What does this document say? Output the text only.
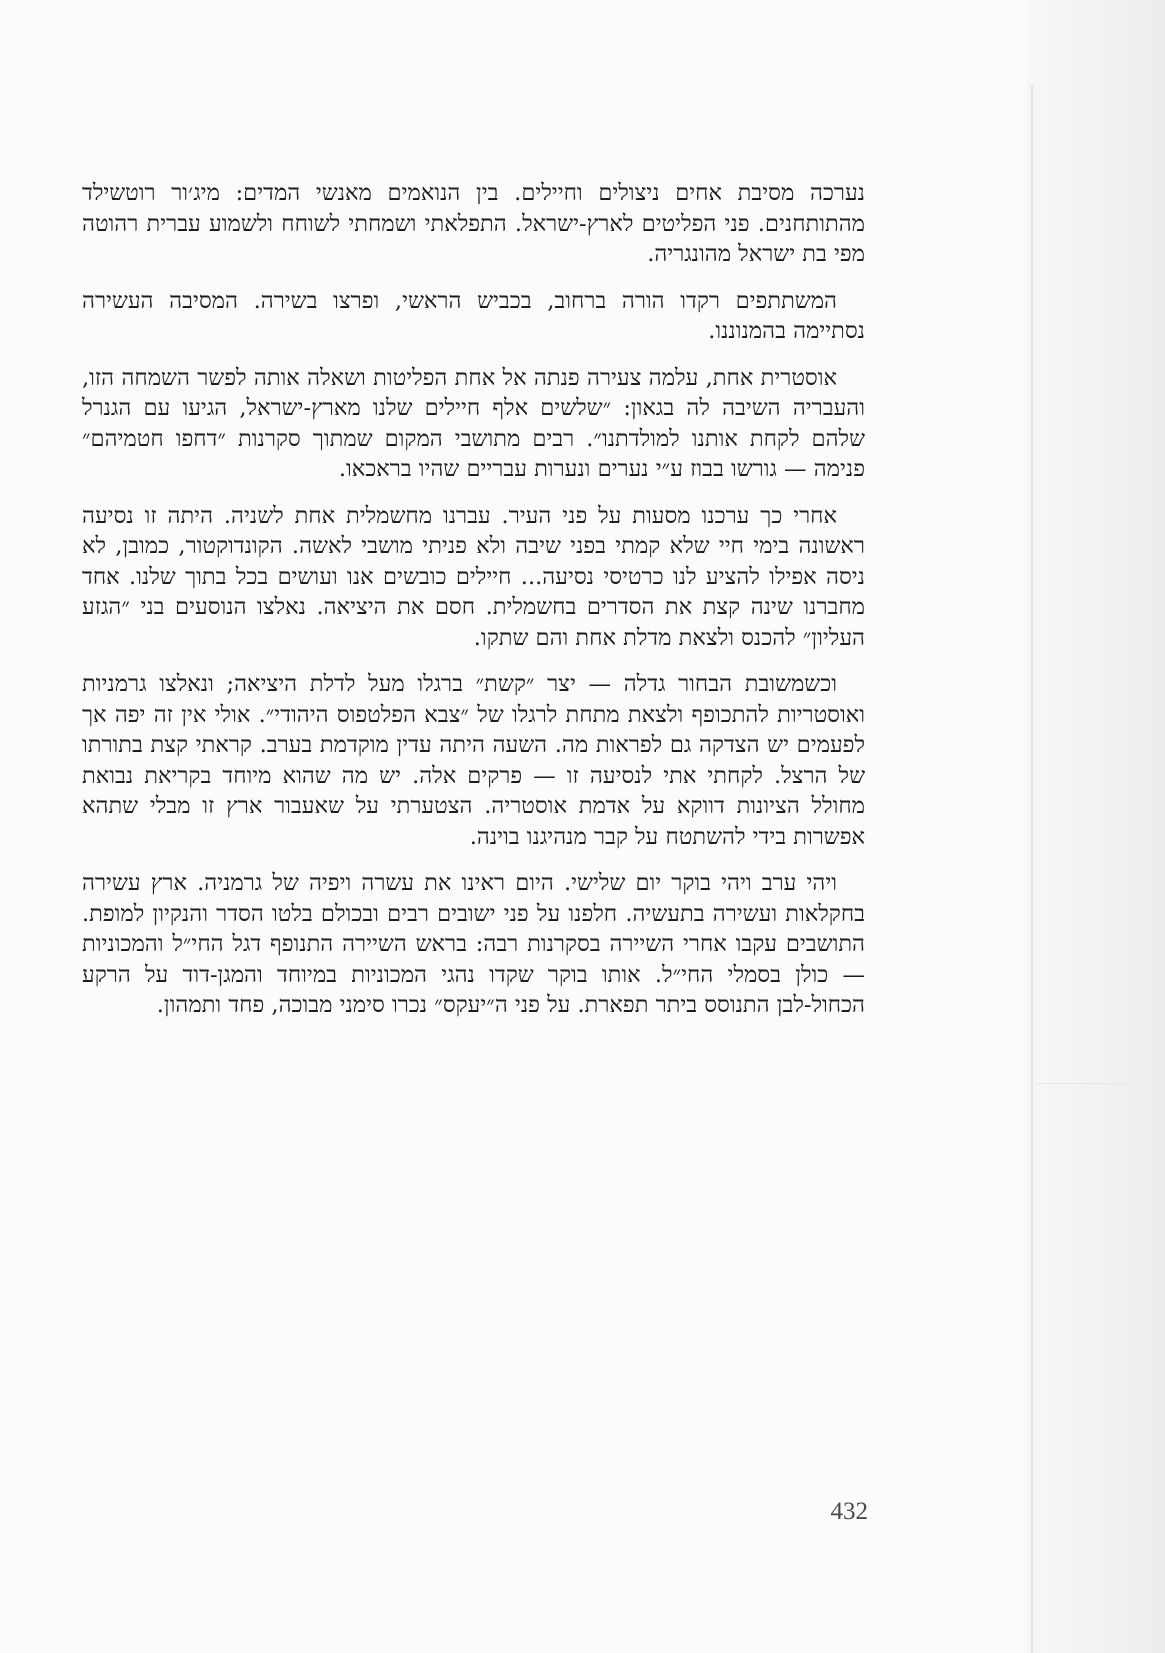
נערכה מסיבת אחים ניצולים וחיילים. בין הנואמים מאנשי המדים: מיג׳ור רוטשילד מהתותחנים. פני הפליטים לארץ-ישראל. התפלאתי ושמחתי לשוחח ולשמוע עברית רהוטה מפי בת ישראל מהונגריה.

המשתתפים רקדו הורה ברחוב, בכביש הראשי, ופרצו בשירה. המסיבה העשירה נסתיימה בהמנוננו.

אוסטרית אחת, עלמה צעירה פנתה אל אחת הפליטות ושאלה אותה לפשר השמחה הזו, והעבריה השיבה לה בגאון: ״שלשים אלף חיילים שלנו מארץ-ישראל, הגיעו עם הגנרל שלהם לקחת אותנו למולדתנו״. רבים מתושבי המקום שמתוך סקרנות ״דחפו חטמיהם״ פנימה — גורשו בבוז ע״י נערים ונערות עבריים שהיו בראכאו.

אחרי כך ערכנו מסעות על פני העיר. עברנו מחשמלית אחת לשניה. היתה זו נסיעה ראשונה בימי חיי שלא קמתי בפני שיבה ולא פניתי מושבי לאשה. הקונדוקטור, כמובן, לא ניסה אפילו להציע לנו כרטיסי נסיעה... חיילים כובשים אנו ועושים בכל בתוך שלנו. אחד מחברנו שינה קצת את הסדרים בחשמלית. חסם את היציאה. נאלצו הנוסעים בני ״הגזע העליון״ להכנס ולצאת מדלת אחת והם שתקו.

וכשמשובת הבחור גדלה — יצר ״קשת״ ברגלו מעל לדלת היציאה; ונאלצו גרמניות ואוסטריות להתכופף ולצאת מתחת לרגלו של ״צבא הפלטפוס היהודי״. אולי אין זה יפה אך לפעמים יש הצדקה גם לפראות מה. השעה היתה עדין מוקדמת בערב. קראתי קצת בתורתו של הרצל. לקחתי אתי לנסיעה זו — פרקים אלה. יש מה שהוא מיוחד בקריאת נבואת מחולל הציונות דווקא על אדמת אוסטריה. הצטערתי על שאעבור ארץ זו מבלי שתהא אפשרות בידי להשתטח על קבר מנהיגנו בוינה.

ויהי ערב ויהי בוקר יום שלישי. היום ראינו את עשרה ויפיה של גרמניה. ארץ עשירה בחקלאות ועשירה בתעשיה. חלפנו על פני ישובים רבים ובכולם בלטו הסדר והנקיון למופת. התושבים עקבו אחרי השיירה בסקרנות רבה: בראש השיירה התנופף דגל החי״ל והמכוניות — כולן בסמלי החי״ל. אותו בוקר שקדו נהגי המכוניות במיוחד והמגן-דוד על הרקע הכחול-לבן התנוסס ביתר תפארת. על פני ה״יעקס״ נכרו סימני מבוכה, פחד ותמהון.

432
